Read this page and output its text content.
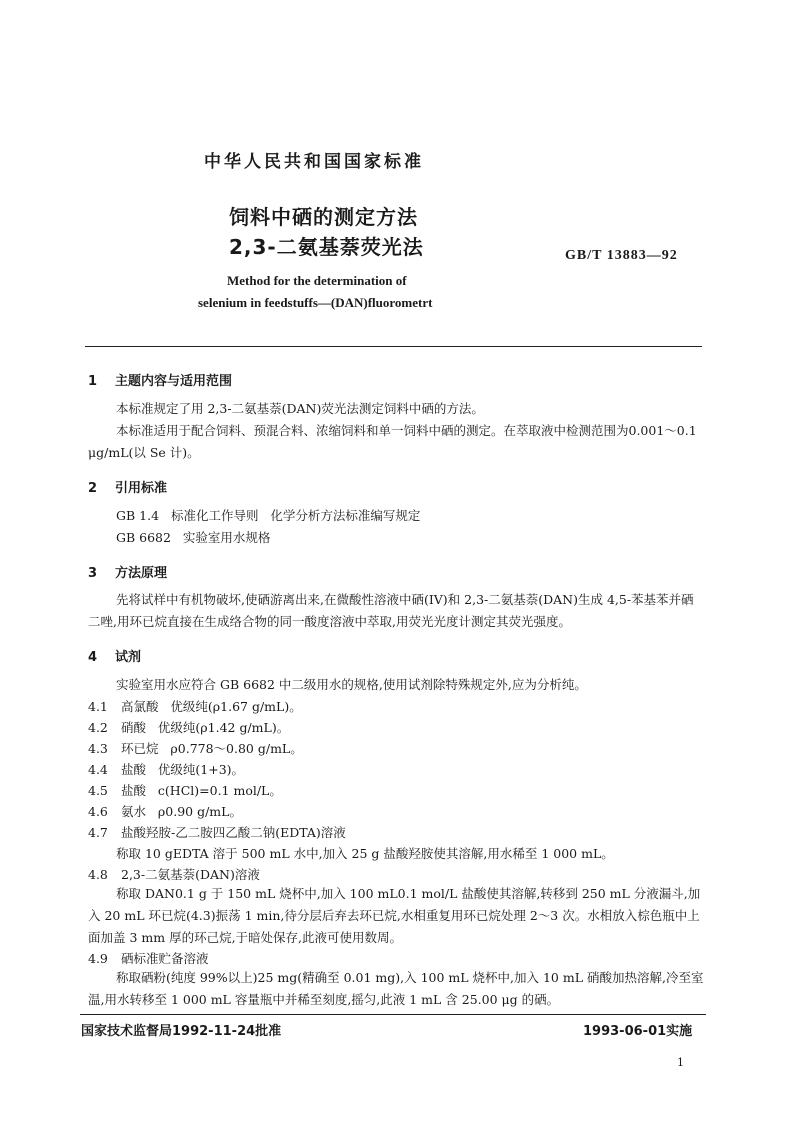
中华人民共和国国家标准
饲料中硒的测定方法
2,3-二氨基萘荧光法	GB/T 13883—92
Method for the determination of
selenium in feedstuffs—(DAN)fluorometrt
1 主题内容与适用范围
本标准规定了用 2,3-二氨基萘(DAN)荧光法测定饲料中硒的方法。
本标准适用于配合饲料、预混合料、浓缩饲料和单一饲料中硒的测定。在萃取液中检测范围为0.001～0.1 μg/mL(以 Se 计)。
2 引用标准
GB 1.4   标准化工作导则   化学分析方法标准编写规定
GB 6682   实验室用水规格
3 方法原理
先将试样中有机物破坏,使硒游离出来,在微酸性溶液中硒(IV)和 2,3-二氨基萘(DAN)生成 4,5-苯基苯并硒二唑,用环已烷直接在生成络合物的同一酸度溶液中萃取,用荧光光度计测定其荧光强度。
4 试剂
实验室用水应符合 GB 6682 中二级用水的规格,使用试剂除特殊规定外,应为分析纯。
4.1 高氯酸   优级纯(ρ1.67 g/mL)。
4.2 硝酸   优级纯(ρ1.42 g/mL)。
4.3 环已烷   ρ0.778～0.80 g/mL。
4.4 盐酸   优级纯(1+3)。
4.5 盐酸   c(HCl)=0.1 mol/L。
4.6 氨水   ρ0.90 g/mL。
4.7 盐酸羟胺-乙二胺四乙酸二钠(EDTA)溶液
称取 10 gEDTA 溶于 500 mL 水中,加入 25 g 盐酸羟胺使其溶解,用水稀至 1 000 mL。
4.8 2,3-二氨基萘(DAN)溶液
称取 DAN0.1 g 于 150 mL 烧杯中,加入 100 mL0.1 mol/L 盐酸使其溶解,转移到 250 mL 分液漏斗,加入 20 mL 环已烷(4.3)振荡 1 min,待分层后弃去环已烷,水相重复用环已烷处理 2～3 次。水相放入棕色瓶中上面加盖 3 mm 厚的环己烷,于暗处保存,此液可使用数周。
4.9 硒标准贮备溶液
称取硒粉(纯度 99%以上)25 mg(精确至 0.01 mg),入 100 mL 烧杯中,加入 10 mL 硝酸加热溶解,冷至室温,用水转移至 1 000 mL 容量瓶中并稀至刻度,摇匀,此液 1 mL 含 25.00 μg 的硒。
国家技术监督局1992-11-24批准	1993-06-01实施
1
